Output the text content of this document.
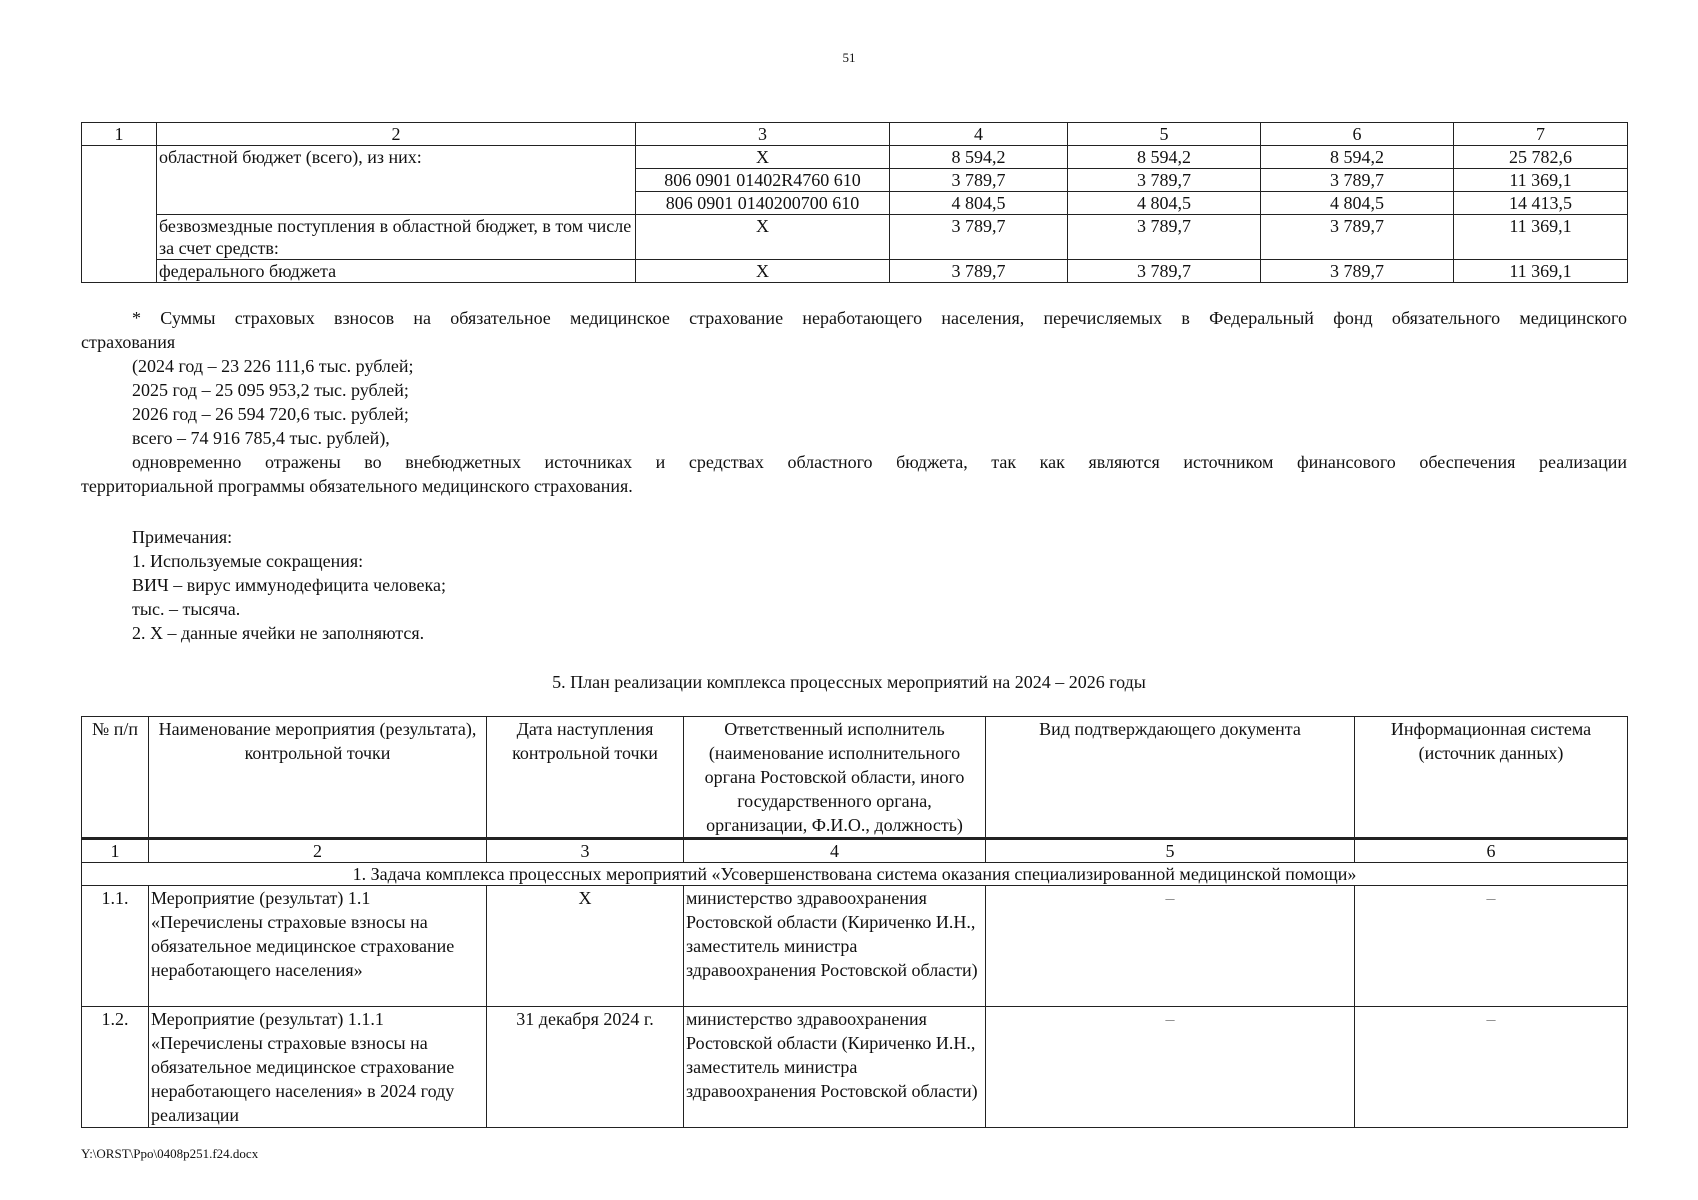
51
1	2	3	4	5	6	7
	областной бюджет (всего), из них:	Х	8 594,2	8 594,2	8 594,2	25 782,6
		806 0901 01402R4760 610	3 789,7	3 789,7	3 789,7	11 369,1
		806 0901 0140200700 610	4 804,5	4 804,5	4 804,5	14 413,5
	безвозмездные поступления в областной бюджет, в том числе за счет средств:	Х	3 789,7	3 789,7	3 789,7	11 369,1
	федерального бюджета	Х	3 789,7	3 789,7	3 789,7	11 369,1

* Суммы страховых взносов на обязательное медицинское страхование неработающего населения, перечисляемых в Федеральный фонд обязательного медицинского

страхования

(2024 год – 23 226 111,6 тыс. рублей;

2025 год – 25 095 953,2 тыс. рублей;

2026 год – 26 594 720,6 тыс. рублей;

всего – 74 916 785,4 тыс. рублей),

одновременно отражены во внебюджетных источниках и средствах областного бюджета, так как являются источником финансового обеспечения реализации

территориальной программы обязательного медицинского страхования.

Примечания:

1. Используемые сокращения:

ВИЧ – вирус иммунодефицита человека;

тыс. – тысяча.

2. Х – данные ячейки не заполняются.

5. План реализации комплекса процессных мероприятий на 2024 – 2026 годы
№ п/п	Наименование мероприятия (результата), контрольной точки	Дата наступления контрольной точки	Ответственный исполнитель (наименование исполнительного органа Ростовской области, иного государственного органа, организации, Ф.И.О., должность)	Вид подтверждающего документа	Информационная система (источник данных)
1	2	3	4	5	6
1. Задача комплекса процессных мероприятий «Усовершенствована система оказания специализированной медицинской помощи»					
1.1.	Мероприятие (результат) 1.1 «Перечислены страховые взносы на обязательное медицинское страхование неработающего населения»	Х	министерство здравоохранения Ростовской области (Кириченко И.Н., заместитель министра здравоохранения Ростовской области)	–	–
1.2.	Мероприятие (результат) 1.1.1 «Перечислены страховые взносы на обязательное медицинское страхование неработающего населения» в 2024 году реализации	31 декабря 2024 г.	министерство здравоохранения Ростовской области (Кириченко И.Н., заместитель министра здравоохранения Ростовской области)	–	–
Y:\ORST\Ppo\0408p251.f24.docx
